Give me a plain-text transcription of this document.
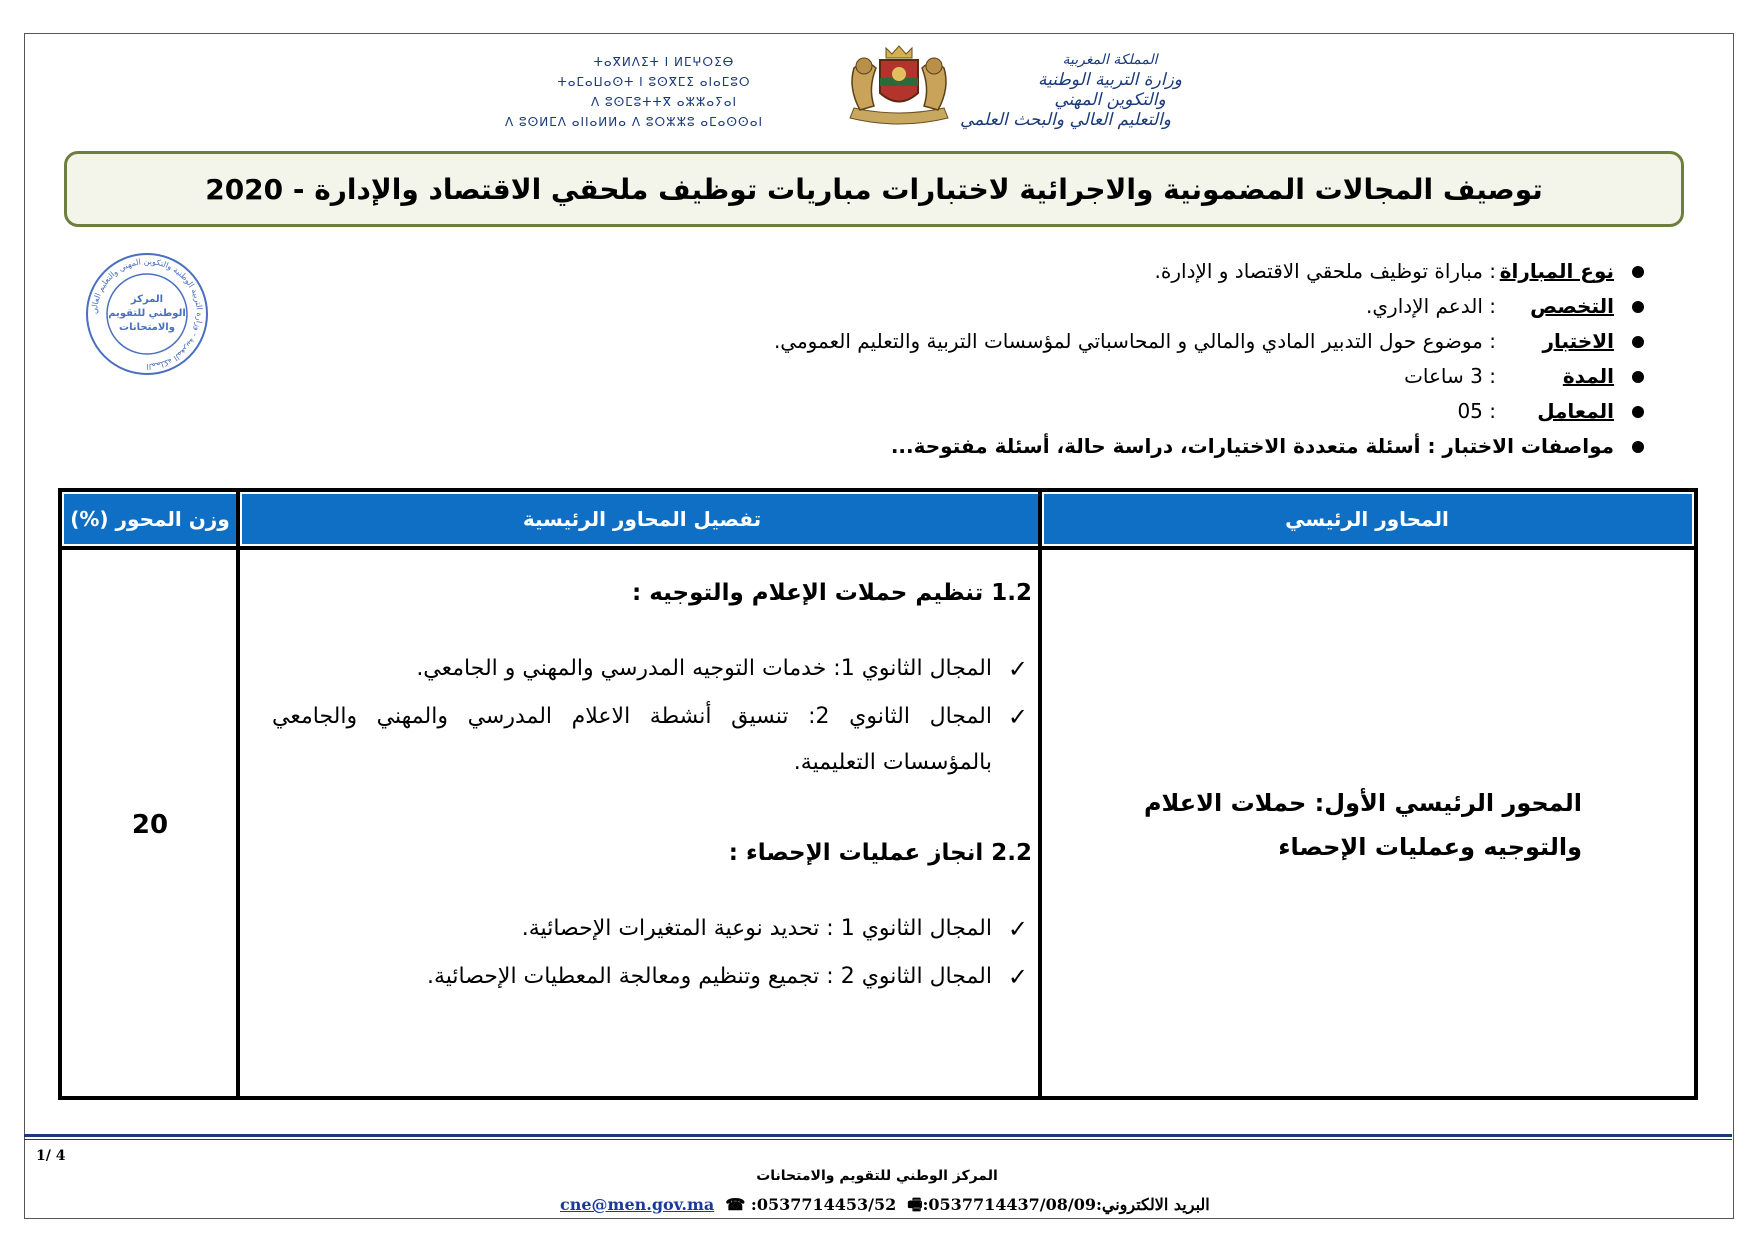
ⵜⴰⴳⵍⴷⵉⵜ ⵏ ⵍⵎⵖⵔⵉⴱ
ⵜⴰⵎⴰⵡⴰⵙⵜ ⵏ ⵓⵙⴳⵎⵉ ⴰⵏⴰⵎⵓⵔ
ⴷ ⵓⵙⵎⵓⵜⵜⴳ ⴰⵣⵣⴰⵢⴰⵏ
ⴷ ⵓⵙⵍⵎⴷ ⴰⵏⵏⴰⵍⵍⴰ ⴷ ⵓⵔⵣⵣⵓ ⴰⵎⴰⵙⵙⴰⵏ
المملكة المغربية
وزارة التربية الوطنية
والتكوين المهني
والتعليم العالي والبحث العلمي
توصيف المجالات المضمونية والاجرائية لاختبارات مباريات توظيف ملحقي الاقتصاد والإدارة - 2020
المملكة المغربية - وزارة التربية الوطنية والتكوين المهني والتعليم العالي
المركز
الوطني للتقويم
والامتحانات
نوع المباراة
: مباراة توظيف ملحقي الاقتصاد و الإدارة.
التخصص
: الدعم الإداري.
الاختبار
: موضوع حول التدبير المادي والمالي و المحاسباتي لمؤسسات التربية والتعليم العمومي.
المدة
: 3 ساعات
المعامل
: 05
مواصفات الاختبار : أسئلة متعددة الاختيارات، دراسة حالة، أسئلة مفتوحة...
المحاور الرئيسي
تفصيل المحاور الرئيسية
وزن المحور (%)
المحور الرئيسي الأول: حملات الاعلام والتوجيه وعمليات الإحصاء
1.2 تنظيم حملات الإعلام والتوجيه :
✓
المجال الثانوي 1: خدمات التوجيه المدرسي والمهني و الجامعي.
✓
المجال الثانوي 2: تنسيق أنشطة الاعلام المدرسي والمهني والجامعي بالمؤسسات التعليمية.
2.2 انجاز عمليات الإحصاء :
✓
المجال الثانوي 1 : تحديد نوعية المتغيرات الإحصائية.
✓
المجال الثانوي 2 : تجميع وتنظيم ومعالجة المعطيات الإحصائية.
20
1/ 4
المركز الوطني للتقويم والامتحانات
البريد الالكتروني:cne@men.gov.ma ☎ :0537714453/52 🖷:0537714437/08/09
